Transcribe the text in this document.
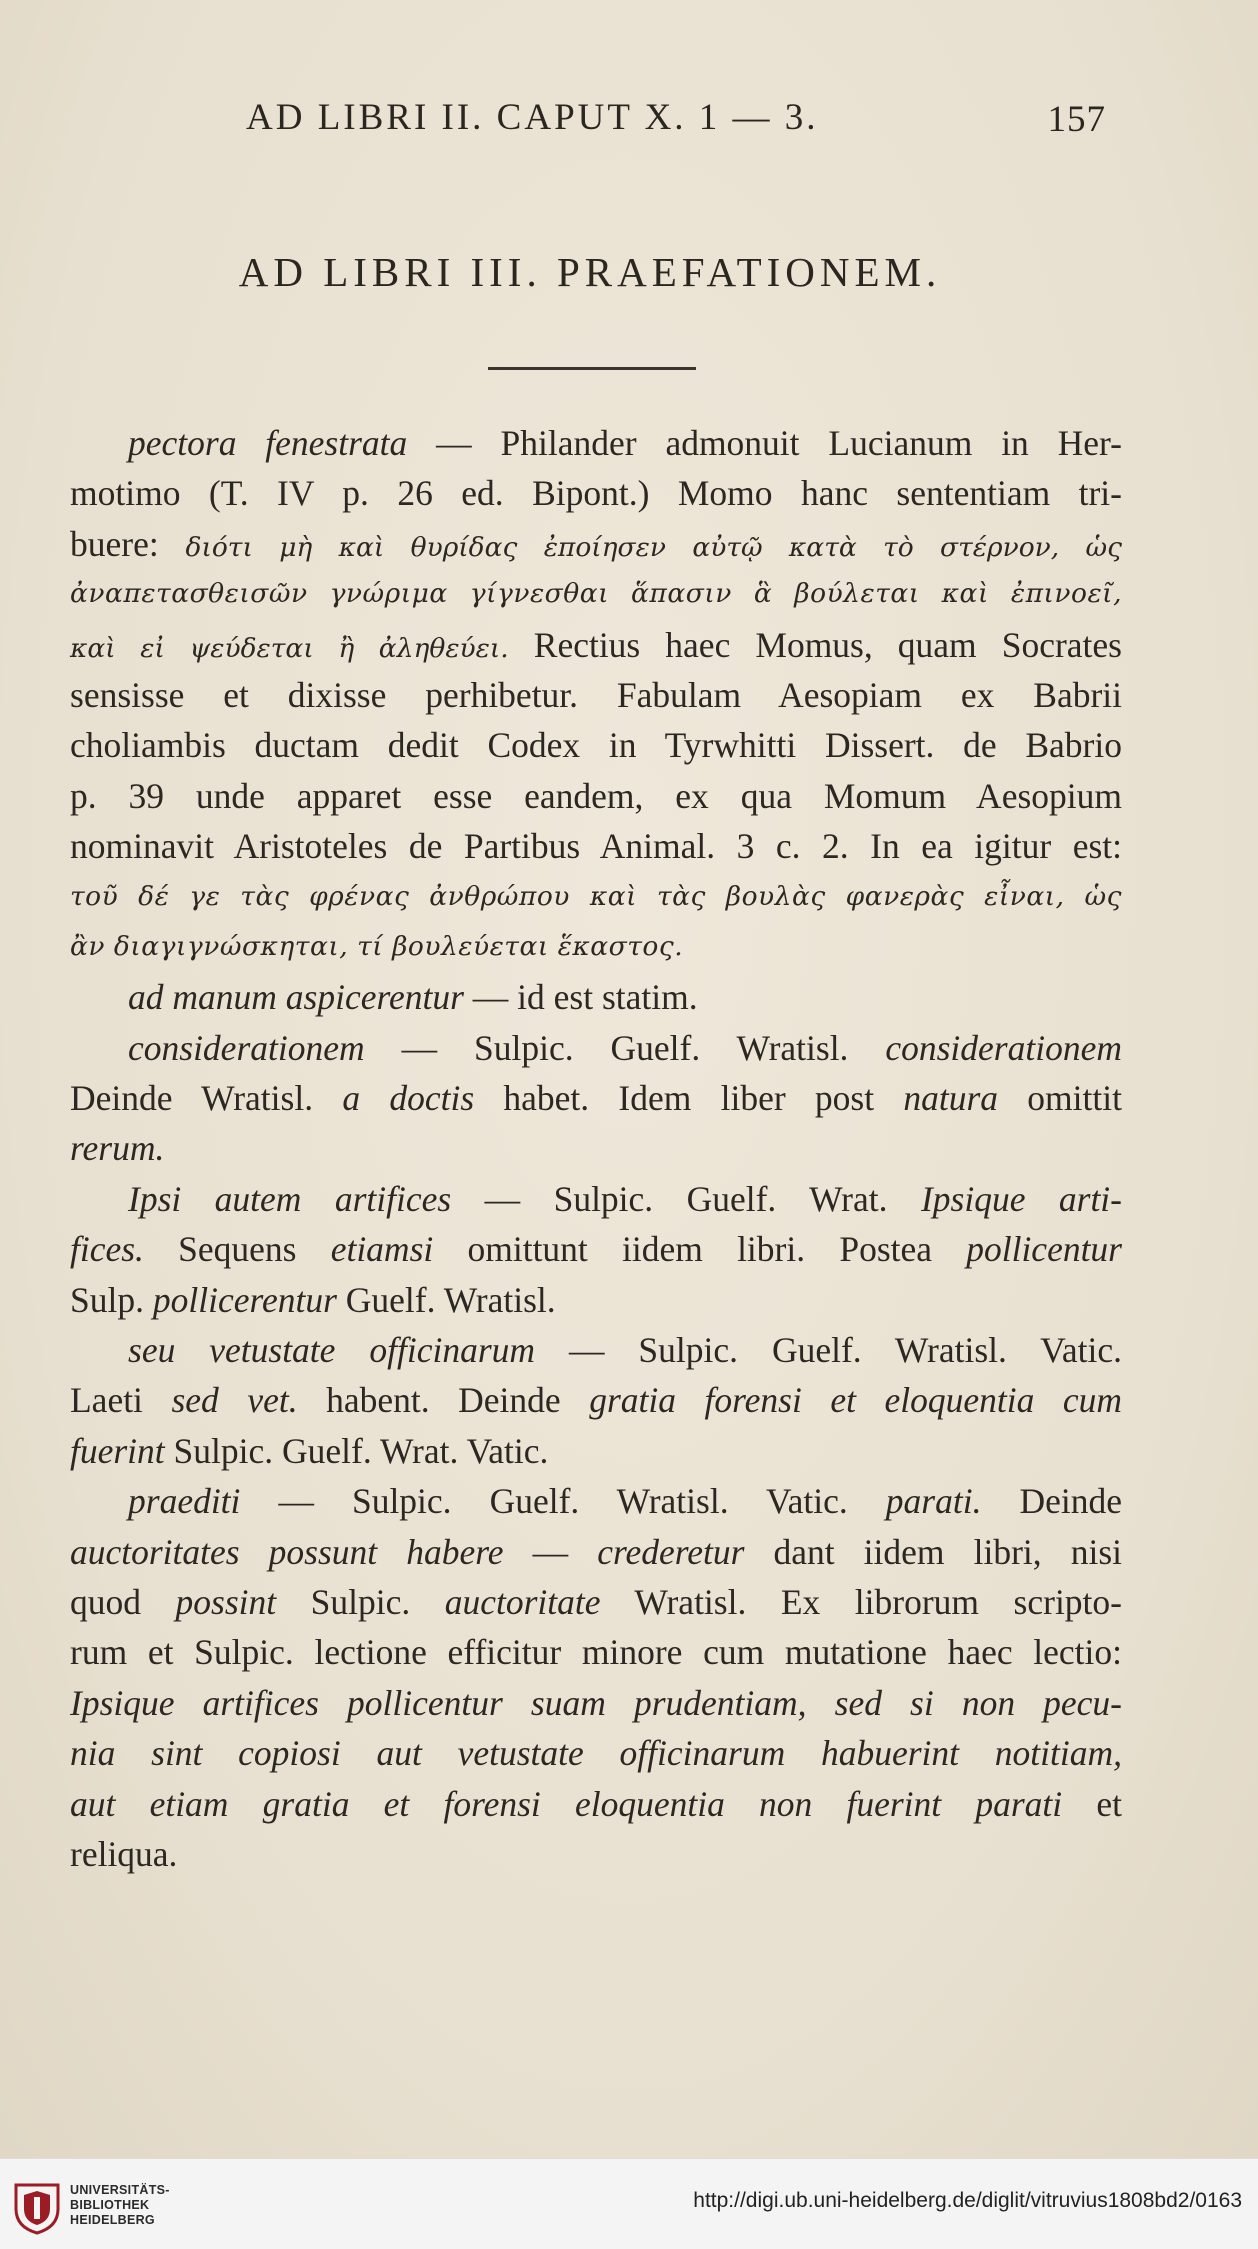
AD LIBRI II. CAPUT X. 1 — 3.	157
AD LIBRI III. PRAEFATIONEM.
pectora fenestrata — Philander admonuit Lucianum in Her-
motimo (T. IV p. 26 ed. Bipont.) Momo hanc sententiam tri-
buere: διότι μὴ καὶ θυρίδας ἐποίησεν αὐτῷ κατὰ τὸ στέρνον, ὡς
ἀναπετασθεισῶν γνώριμα γίγνεσθαι ἅπασιν ἃ βούλεται καὶ ἐπινοεῖ,
καὶ εἰ ψεύδεται ἢ ἀληθεύει. Rectius haec Momus, quam Socrates
sensisse et dixisse perhibetur. Fabulam Aesopiam ex Babrii
choliambis ductam dedit Codex in Tyrwhitti Dissert. de Babrio
p. 39 unde apparet esse eandem, ex qua Momum Aesopium
nominavit Aristoteles de Partibus Animal. 3 c. 2. In ea igitur est:
τοῦ δέ γε τὰς φρένας ἀνθρώπου καὶ τὰς βουλὰς φανερὰς εἶναι, ὡς
ἂν διαγιγνώσκηται, τί βουλεύεται ἕκαστος.
ad manum aspicerentur — id est statim.
considerationem — Sulpic. Guelf. Wratisl. considerationem
Deinde Wratisl. a doctis habet. Idem liber post natura omittit
rerum.
Ipsi autem artifices — Sulpic. Guelf. Wrat. Ipsique arti-
fices. Sequens etiamsi omittunt iidem libri. Postea pollicentur
Sulp. pollicerentur Guelf. Wratisl.
seu vetustate officinarum — Sulpic. Guelf. Wratisl. Vatic.
Laeti sed vet. habent. Deinde gratia forensi et eloquentia cum
fuerint Sulpic. Guelf. Wrat. Vatic.
praediti — Sulpic. Guelf. Wratisl. Vatic. parati. Deinde
auctoritates possunt habere — crederetur dant iidem libri, nisi
quod possint Sulpic. auctoritate Wratisl. Ex librorum scripto-
rum et Sulpic. lectione efficitur minore cum mutatione haec lectio:
Ipsique artifices pollicentur suam prudentiam, sed si non pecu-
nia sint copiosi aut vetustate officinarum habuerint notitiam,
aut etiam gratia et forensi eloquentia non fuerint parati et
reliqua.
UNIVERSITÄTS-
BIBLIOTHEK
HEIDELBERG
http://digi.ub.uni-heidelberg.de/diglit/vitruvius1808bd2/0163
